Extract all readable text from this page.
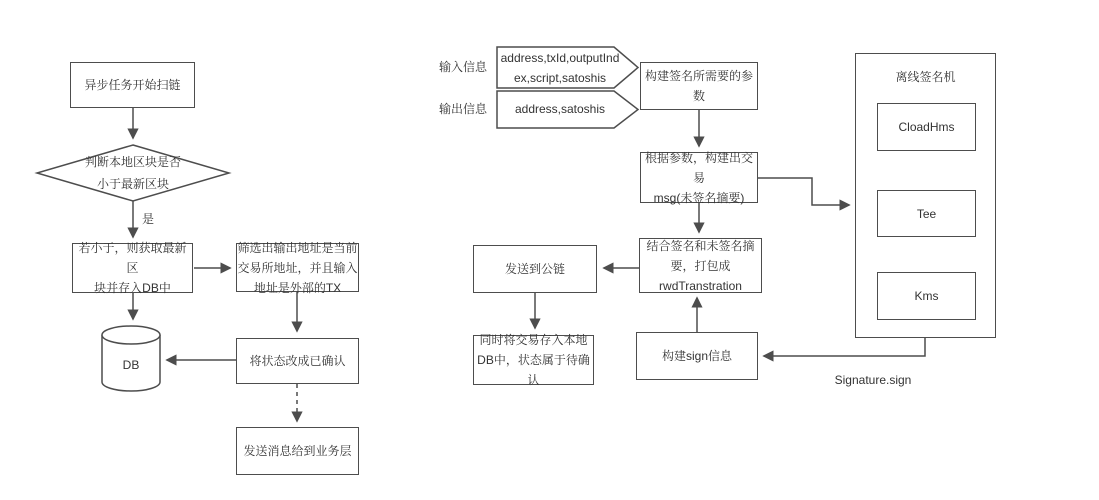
异步任务开始扫链
判断本地区块是否
小于最新区块
是
若小于，则获取最新区
块并存入DB中
筛选出输出地址是当前
交易所地址，并且输入
地址是外部的TX
DB	将状态改成已确认
发送消息给到业务层
输入信息
address,txId,outputInd
ex,script,satoshis
输出信息	address,satoshis
构建签名所需要的参
数
根据参数，构建出交易
msg(未签名摘要)
结合签名和未签名摘
要，打包成
rwdTranstration
发送到公链
同时将交易存入本地
DB中，状态属于待确
认
构建sign信息
Signature.sign
离线签名机
CloadHms
Tee
Kms
